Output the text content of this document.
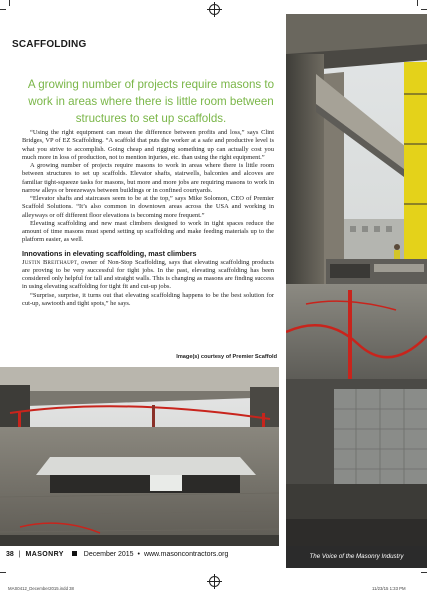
SCAFFOLDING

A growing number of projects require masons to work in areas where there is little room between structures to set up scaffolds.

“Using the right equipment can mean the difference between profits and loss,” says Clint Bridges, VP of EZ Scaffolding. “A scaffold that puts the worker at a safe and productive level is what you strive to accomplish. Going cheap and rigging something up can actually cost you much more in loss of production, not to mention injuries, etc. than using the right equipment.”

A growing number of projects require masons to work in areas where there is little room between structures to set up scaffolds. Elevator shafts, stairwells, balconies and alcoves are familiar tight-squeeze tasks for masons, but more and more jobs are requiring masons to work in narrow alleys or breezeways between buildings or in confined courtyards.

“Elevator shafts and staircases seem to be at the top,” says Mike Solomon, CEO of Premier Scaffold Solutions. “It’s also common in downtown areas across the USA and working in alleyways or off different floor elevations is becoming more frequent.”

Elevating scaffolding and new mast climbers designed to work in tight spaces reduce the amount of time masons must spend setting up scaffolding and make feeding materials up to the platform easier, as well.

Innovations in elevating scaffolding, mast climbers

Justin Breithaupt, owner of Non-Stop Scaffolding, says that elevating scaffolding products are proving to be very successful for tight jobs. In the past, elevating scaffolding has been considered only helpful for tall and straight walls. This is changing as masons are finding success in using elevating scaffolding for tight fit and cut-up jobs.

“Surprise, surprise, it turns out that elevating scaffolding happens to be the best solution for cut-up, sawtooth and tight spots,” he says.

Image(s) courtesy of Premier Scaffold

38 | MASONRY	December 2015 • www.masoncontractors.org	The Voice of the Masonry Industry
MAS0412_December2015.indd 38	11/23/15 1:33 PM
